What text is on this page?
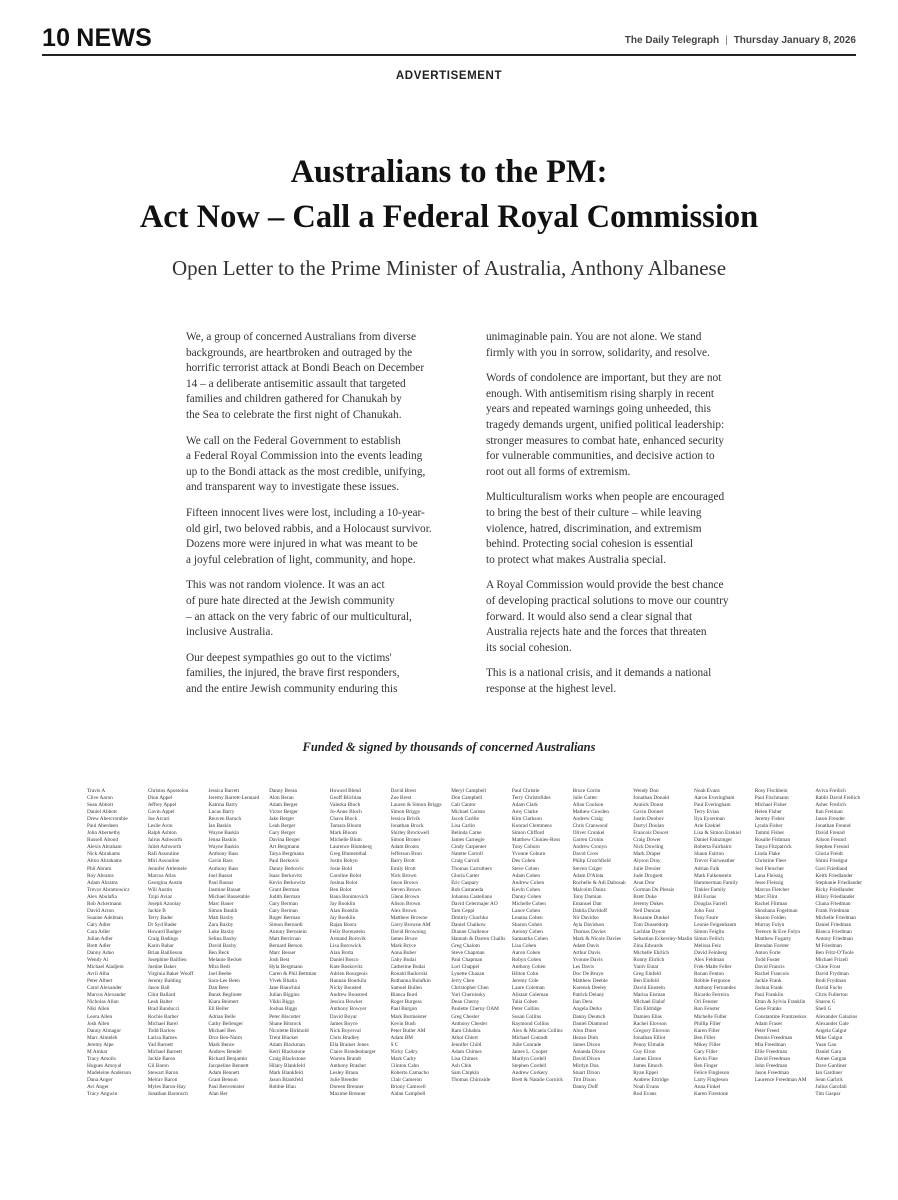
10 NEWS	The Daily Telegraph | Thursday January 8, 2026
ADVERTISEMENT
Australians to the PM:
Act Now – Call a Federal Royal Commission
Open Letter to the Prime Minister of Australia, Anthony Albanese

We, a group of concerned Australians from diverse
backgrounds, are heartbroken and outraged by the
horrific terrorist attack at Bondi Beach on December
14 – a deliberate antisemitic assault that targeted
families and children gathered for Chanukah by
the Sea to celebrate the first night of Chanukah.

We call on the Federal Government to establish
a Federal Royal Commission into the events leading
up to the Bondi attack as the most credible, unifying,
and transparent way to investigate these issues.

Fifteen innocent lives were lost, including a 10-year-
old girl, two beloved rabbis, and a Holocaust survivor.
Dozens more were injured in what was meant to be
a joyful celebration of light, community, and hope.

This was not random violence. It was an act
of pure hate directed at the Jewish community
– an attack on the very fabric of our multicultural,
inclusive Australia.

Our deepest sympathies go out to the victims'
families, the injured, the brave first responders,
and the entire Jewish community enduring this

unimaginable pain. You are not alone. We stand
firmly with you in sorrow, solidarity, and resolve.

Words of condolence are important, but they are not
enough. With antisemitism rising sharply in recent
years and repeated warnings going unheeded, this
tragedy demands urgent, unified political leadership:
stronger measures to combat hate, enhanced security
for vulnerable communities, and decisive action to
root out all forms of extremism.

Multiculturalism works when people are encouraged
to bring the best of their culture – while leaving
violence, hatred, discrimination, and extremism
behind. Protecting social cohesion is essential
to protect what makes Australia special.

A Royal Commission would provide the best chance
of developing practical solutions to move our country
forward. It would also send a clear signal that
Australia rejects hate and the forces that threaten
its social cohesion.

This is a national crisis, and it demands a national
response at the highest level.

Funded & signed by thousands of concerned Australians
Travis A
Clive Aaron
Sean Abbott
Daniel Abbott
Drew Abercrombie
Paul Aberdeen
John Abernethy
Russell Abood
Alexis Abraham
Nick Abrahams
Alton Abrahams
Phil Abram
Roy Abrams
Adam Abrams
Trevor Abramowicz
Alex Abulafia
Rob Ackermann
David Acton
Suanne Adelman
Gary Adler
Cara Adler
Julian Adler
Brett Adler
Danny Adno
Wendy Al
Michael Aladjem
Avril Alba
Peter Albert
Carol Alexander
Marcus Alexander
Nicholas Allan
Niki Allen
Leora Allen
Josh Allen
Danny Almagor
Marc Almeleh
Jeremy Alpe
M Amhar
Tracy Amoils
Hugues Amoyal
Madeleine Anderson
Dana Anger
Avi Anger
Tracy Angwin
Christos Apostolou
Dion Appel
Jeffrey Appel
Gavin Appel
Joe Arcuri
Leslie Aron
Ralph Ashton
Jairus Ashworth
Juliet Ashworth
Rafi Assouline
Miri Assouline
Jennifer Attlemele
Marcus Atlas
Georgina Austin
Will Austin
Tzipi Aviaz
Joseph Aznolay
Jackie B
Terry Bader
Dr Syd Bader
Howard Badger
Craig Badings
Karin Bahar
Brian Baillieson
Josephine Baillieu
Justine Baker
Virginia Baker Wooff
Jeremy Balding
Jason Ball
Clint Ballard
Leah Balter
Brad Banducci
Rochie Barber
Michael Barel
Todd Barlow
Larisa Barnes
Yad Barnett
Michael Barnett
Jackie Baron
Gil Baron
Stewart Baron
Meirav Baron
Myles Baron-Hay
Jonathan Baronsch
Jessica Barrett
Jeremy Barrett-Lennard
Katrina Barry
Lucas Barry
Reuven Baruch
Ian Baskin
Wayne Baskin
Jenna Baskin
Wayne Baskin
Anthony Bass
Gavin Bass
Anthony Bass
Joel Bassat
Paul Bassat
Jasmine Bassat
Michael Bassetable
Marc Bauer
Simon Baukh
Matt Baxby
Zara Baxby
Luke Baxby
Selina Baxby
David Baxby
Ben Beck
Melanie Becker
Mira Bedi
Joel Beebe
Sara-Lee Been
Dan Beer
Barak Beglinter
Kiara Beimert
Eli Beller
Adrian Belle
Cathy Bellenger
Michael Ben
Dror Ben-Nairn
Mark Bence
Andrew Bendel
Richard Benjamin
Jacqueline Bennett
Adam Bennett
Grant Benson
Paul Benvenister
Alan Ber
Danny Beran
Alon Beran
Adam Berger
Victor Berger
Jake Berger
Leah Berger
Gary Berger
Davina Berger
Art Bergmann
Talya Bergmann
Paul Berkovic
Danny Berkovic
Isaac Berkovits
Kevin Berkowitz
Grant Berman
Judith Berman
Gary Berman
Gary Berman
Roger Berman
Simon Bernardi
Antony Bernstein
Matt Berrirnan
Bernard Berson
Marc Besser
Josh Best
Hyla Bergmann
Caren & Phil Bettman
Vivek Bhatia
Jane Bianchini
Julian Biggins
Vikki Biggs
Joshua Biggs
Peter Biscotter
Shane Bitsrock
Nicolette Birkhold
Trent Blacket
Adam Blackman
Kerri Blackstone
Craig Blackstone
Hilary Blankfeld
Mark Blankfeld
Jason Blankfeld
Robbie Blau
Howard Blend
Geoff Blicblau
Valeska Bloch
Jo-Anne Bloch
Chava Block
Tamara Bloom
Mark Bloom
Michelle Blum
Laurence Blumberg
Greg Blumenthal
Justin Bobyn
Josie Bold
Caroline Bolot
Joshua Bolot
Ben Bolot
Bana Bonimovich
Jay Booklin
Alan Booklin
Jay Booklin
Rajan Boora
Felix Borenstein
Armand Borovik
Lisa Borowick
Alan Borta
Daniel Bosco
Kate Boskovitz
Adrien Bourgeois
Hannan Bourkila
Nicky Bousted
Andrew Boustred
Jessica Bowker
Anthony Bowyer
David Boyar
James Boyce
Nick Boyerval
Chris Bradley
Ella Brainer Jones
Claire Brandenburger
Warren Brandt
Anthony Brasher
Lesley Braun
Julie Brender
Doreen Brenner
Maxime Brenner
David Brest
Zoe Brest
Lauren & Simon Briggs
Simon Briggs
Jessica Brivik
Jonathan Brock
Shirley Brockwell
Simon Broner
Adam Bronts
Jefferson Bron
Barry Brott
Emily Brott
Nick Brown
Jason Brown
Steven Brown
Glenn Brown
Alison Brown
Alex Brown
Matthew Browne
Garry Browne AM
David Browning
James Bruce
Mark Bryce
Anna Buber
Gaby Budai
Catherine Budai
Ronald Budovski
Ruthanna Bulafkin
Samuel Bullen
Bianca Burd
Roger Burgess
Paul Burgon
Mark Burmeister
Kevin Bush
Peter Butler AM
Adam BM
S C
Nicky Cadry
Mark Cadry
Clinton Cahn
Roberto Camacho
Clair Cameron
Briony Camwell
Aidan Campbell
Meryl Campbell
Don Campbell
Cali Cantor
Michael Caristo
Jacob Carlile
Lisa Carlin
Belinda Carne
James Carnegie
Cindy Carpenter
Natette Carroll
Craig Carroll
Thomas Carruthers
Gloria Carter
Eric Caspary
Rob Castaneda
Johanna Castellano
David Celermajer AO
Tam Ceppi
Dmitriy Chachko
Daniel Chaikow
Dianne Challenor
Hannah & Darren Challis
Greg Chalom
Steve Chapman
Paul Chapman
Lori Chappel
Lynette Chazan
Jerry Chen
Christopher Chen
Yuri Chernissky
Dean Cherny
Paulette Cherny OAM
Greg Chesler
Anthony Chesler
Ram Chhabra
Athol Chiert
Jennifer Child
Adam Chimes
Lisa Chimes
Ash Chin
Sam Chipkin
Thomas Chirnside
Paul Christie
Terry Christofides
Adam Clark
Amy Clarke
Kim Clarkson
Konrad Clemmens
Simon Clifford
Matthew Clunies-Ross
Tony Coburn
Yvonne Coburn
Des Cohen
Steve Cohen
Adam Cohen
Andrew Cohen
Kevin Cohen
Danny Cohen
Michelle Cohen
Lance Cohen
Leanna Cohen
Sharon Cohen
Antony Cohen
Samantha Cohen
Lisa Cohen
Aaron Cohen
Robyn Cohen
Anthony Cohen
Hilton Cohn
Jeremy Cole
Laure Coleman
Alistair Coleman
Talia Cohen
Peter Collins
Susan Collins
Raymond Collins
Alex & Micaela Collins
Michael Conradt
Julie Conrade
James L. Cooper
Marilyn Cordell
Stephen Cordell
Andrew Corkery
Brett & Natalie Cornick
Bruce Corrin
Julie Cotter
Allan Coulson
Mathew Cowden
Andrew Craig
Chris Cranwood
Oliver Crunkel
Garren Cronin
Andrew Cronyn
David Crow
Philip Crutchfield
Steven Csiger
Adam D'Alota
Rochelle & Adi Dabosah
Malcolm Dainz
Tony Damian
Emanuel Dan
Dahlia Davidoff
Nir Davidso
Ayla Davidson
Thomas Davies
Mark & Nicole Davies
Adam Davis
Arthur Davis
Yvonne Davis
Les Davis
Doc De Bruyn
Matthew Deeble
Karensh Deeley
Patrick Delany
Ilan Dera
Angela Derks
Danny Deutsch
Daniel Diamond
Alon Diner
Hezan Dinh
James Dixon
Amanda Dixon
David Dixon
Mirdyn Doa
Stuart Dixon
Tim Dixon
Danny Doff
Wendy Don
Jonathan Donald
Annick Donat
Gavin Donner
Justin Doobov
Darryl Doolan
Francois Doucet
Craig Dower
Nick Dowling
Mark Draper
Alyson Dray
Julie Drexler
Jude Drogsett
Anat Dror
Gorman Du Plessis
Brett Duke
Jeremy Dukes
Neil Duncan
Roxanne Dunkel
Tom Dusseldorp
Lachlan Dyson
Sebastian Eckersley-Maslin
Zina Edwards
Michelle Ehrlich
Ronny Ehrlich
Yaniv Einat
Greg Einfeld
Ben Einfeld
David Einstein
Marisa Eisman
Michael Elaluf
Tim Eldridge
Damien Elias
Rachel Elovson
Gregory Elovson
Jonathan Elliot
Penny Elmalie
Guy Elron
James Elston
James Emoch
Ryan Eppel
Andrew Ettridge
Noah Evans
Rod Evans
Noah Evans
Aaron Everingham
Paul Everingham
Terry Evian
Ilya Eyserman
Arie Ezekiel
Lisa & Simon Ezekiel
Daniel Fainzinger
Roberta Fairbairn
Shaun Fairton
Trevor Fairweather
Adrian Falk
Mark Falkenstein
Hammerman Family
Tinkler Family
Bill Farias
Douglas Farrell
John Fast
Tony Faure
Leonie Feigenbaum
Simon Feiglin
Simon Feilich
Melissa Feiz
David Feinberg
Alex Feldman
Frek-Malte Feller
Ronan Fenton
Robbie Ferguson
Anthony Fernandez
Ricardo Ferreira
Ori Fenster
Ron Fenster
Michelle Fidler
Phillip Filler
Karen Filler
Ben Filler
Mikey Filler
Gary Filler
Kevin Fine
Ben Finger
Felice Fingleson
Larry Fingleson
Anna Finkel
Karen Firestone
Rosy Fischbein
Paul Fischmann
Michael Fisher
Helen Fisher
Jeremy Fisher
Lynda Fisher
Tammi Fisher
Rosalie Fishman
Tanya Fitzpatrick
Linda Flake
Christine Fleer
Joel Fleischer
Lana Fleissig
Jesse Fleissig
Marcus Fletcher
Marc Flint
Rachel Flitman
Shoshana Fogelman
Sharon Folden
Murray Folyn
Terence & Eve Folyn
Matthew Fogarty
Brendan Forster
Anton Forte
Todd Foster
David Francis
Rachel Francois
Jackie Frank
Joshua Frank
Paul Franklin
Ettan & Sylvia Franklin
Gene Franks
Constantine Frantzeskos
Adam Fraser
Peter Freed
Dennis Freedman
Mia Freedman
Ellie Freedman
David Freedman
John Freedman
Jason Freedman
Laurence Freedman AM
Aviva Freilich
Rabbi David Freilich
Asher Freilich
Ilan Freiman
Jason Freuder
Jonathan Freund
David Freund
Alison Freund
Stephen Freund
Gloria Freidt
Shimi Friedgut
Gavi Friedland
Keith Friedlander
Stephanie Friedlander
Ricky Friedlander
Hilary Friedlander
Chana Friedman
Frank Friedman
Michelle Friedman
Daniel Friedman
Bianca Friedman
Antony Friedman
M Friedman
Ben Fritz-O'Toole
Michael Frizell
Chloe Frost
David Frydman
Bodi Frydman
David Fuchs
Chris Fullerton
Sharon G
Sheli G
Alexander Galazios
Alexander Gale
Angela Galgut
Mike Galgut
Yuan Gao
Daniel Gara
Aimee Gargan
Dave Gardiner
Ian Gardiner
Sean Garlick
Julius Garofali
Tim Gaspar
